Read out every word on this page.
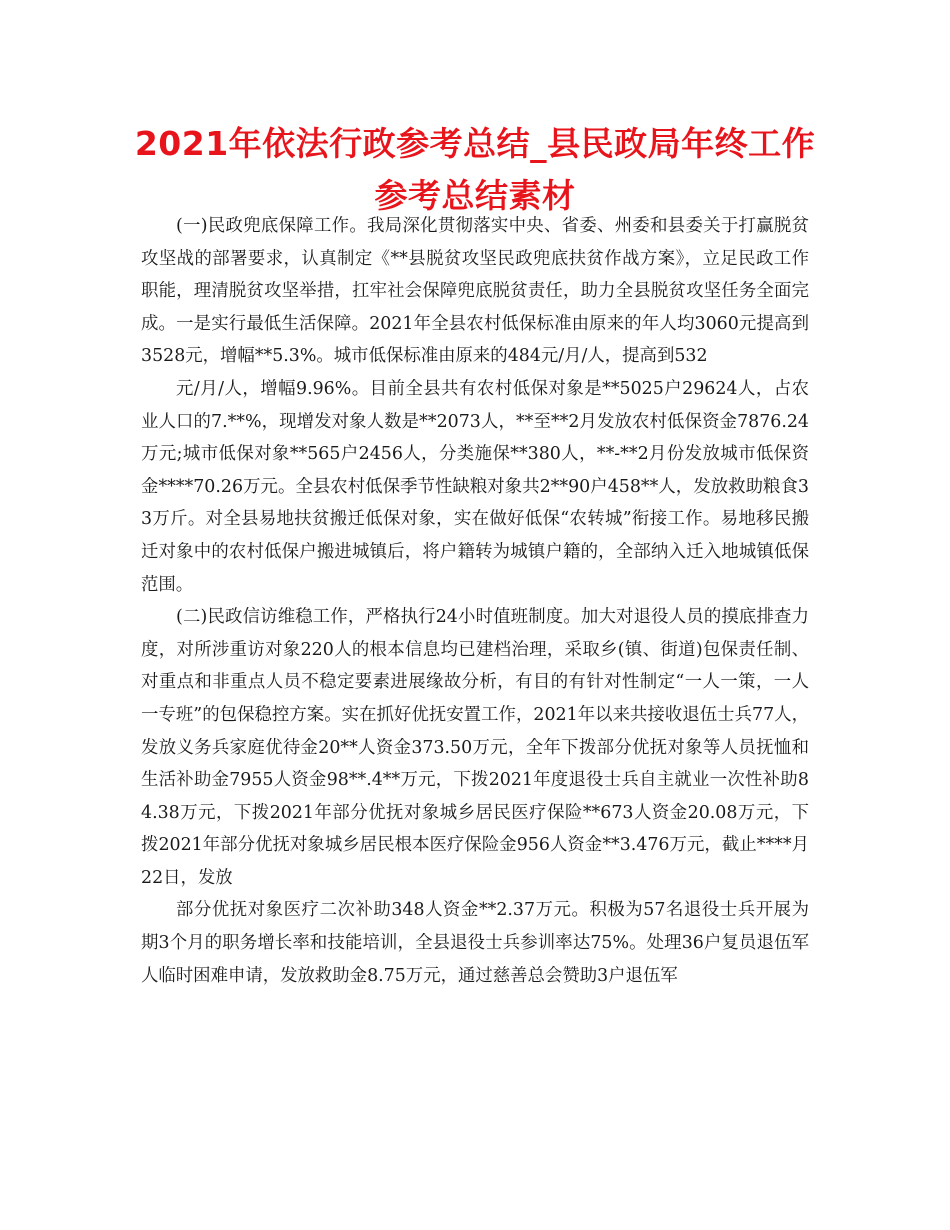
2021年依法行政参考总结_县民政局年终工作参考总结素材

(一)民政兜底保障工作。我局深化贯彻落实中央、省委、州委和县委关于打赢脱贫攻坚战的部署要求，认真制定《**县脱贫攻坚民政兜底扶贫作战方案》，立足民政工作职能，理清脱贫攻坚举措，扛牢社会保障兜底脱贫责任，助力全县脱贫攻坚任务全面完成。一是实行最低生活保障。2021年全县农村低保标准由原来的年人均3060元提高到3528元，增幅**5.3%。城市低保标准由原来的484元/月/人，提高到532

元/月/人，增幅9.96%。目前全县共有农村低保对象是**5025户29624人，占农业人口的7.**%，现增发对象人数是**2073人，**至**2月发放农村低保资金7876.24万元;城市低保对象**565户2456人，分类施保**380人，**-**2月份发放城市低保资金****70.26万元。全县农村低保季节性缺粮对象共2**90户458**人，发放救助粮食33万斤。对全县易地扶贫搬迁低保对象，实在做好低保“农转城”衔接工作。易地移民搬迁对象中的农村低保户搬进城镇后，将户籍转为城镇户籍的，全部纳入迁入地城镇低保范围。

(二)民政信访维稳工作，严格执行24小时值班制度。加大对退役人员的摸底排查力度，对所涉重访对象220人的根本信息均已建档治理，采取乡(镇、街道)包保责任制、对重点和非重点人员不稳定要素进展缘故分析，有目的有针对性制定“一人一策，一人一专班”的包保稳控方案。实在抓好优抚安置工作，2021年以来共接收退伍士兵77人，发放义务兵家庭优待金20**人资金373.50万元，全年下拨部分优抚对象等人员抚恤和生活补助金7955人资金98**.4**万元，下拨2021年度退役士兵自主就业一次性补助84.38万元，下拨2021年部分优抚对象城乡居民医疗保险**673人资金20.08万元，下拨2021年部分优抚对象城乡居民根本医疗保险金956人资金**3.476万元，截止****月22日，发放

部分优抚对象医疗二次补助348人资金**2.37万元。积极为57名退役士兵开展为期3个月的职务增长率和技能培训，全县退役士兵参训率达75%。处理36户复员退伍军人临时困难申请，发放救助金8.75万元，通过慈善总会赞助3户退伍军
